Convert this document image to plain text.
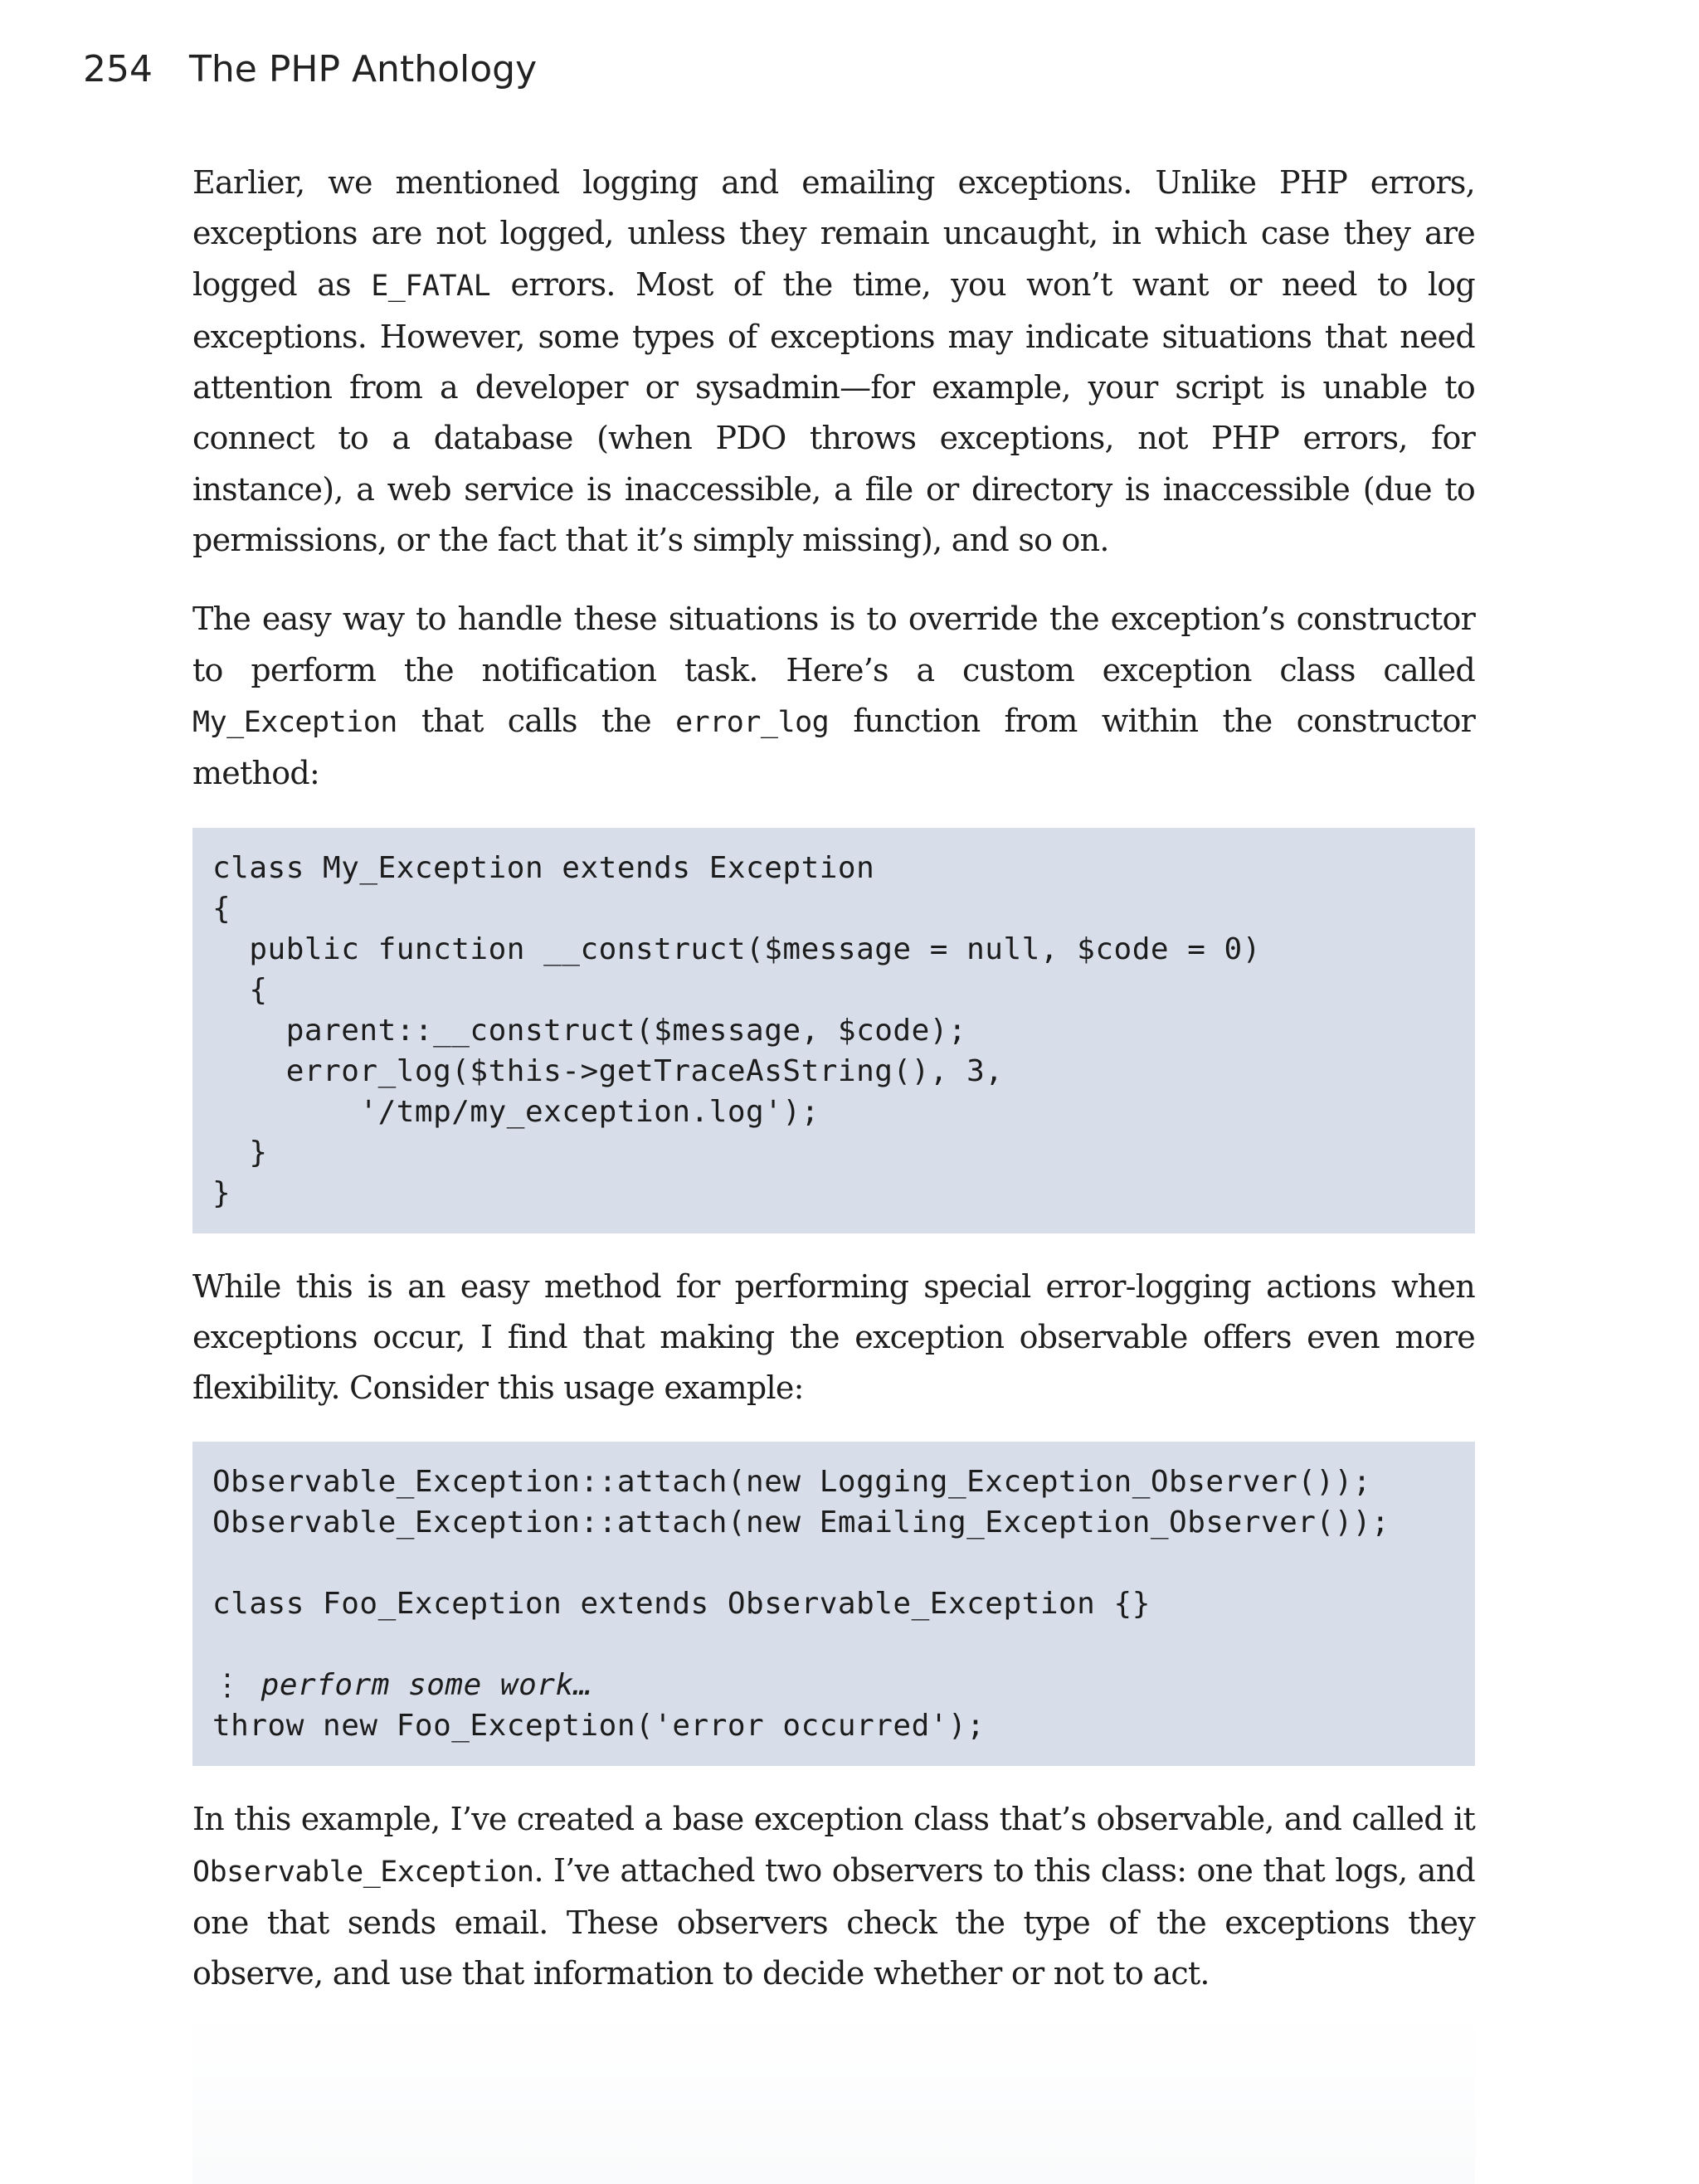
254 The PHP Anthology

Earlier, we mentioned logging and emailing exceptions. Unlike PHP errors, exceptions are not logged, unless they remain uncaught, in which case they are logged as E_FATAL errors. Most of the time, you won’t want or need to log exceptions. However, some types of exceptions may indicate situations that need attention from a developer or sysadmin—for example, your script is unable to connect to a database (when PDO throws exceptions, not PHP errors, for instance), a web service is inaccessible, a file or directory is inaccessible (due to permissions, or the fact that it’s simply missing), and so on.

The easy way to handle these situations is to override the exception’s constructor to perform the notification task. Here’s a custom exception class called My_Exception that calls the error_log function from within the constructor method:

class My_Exception extends Exception
{
public function __construct($message = null, $code = 0)
{
parent::__construct($message, $code);
error_log($this->getTraceAsString(), 3,
'/tmp/my_exception.log');
}
}

While this is an easy method for performing special error-logging actions when exceptions occur, I find that making the exception observable offers even more flexibility. Consider this usage example:

Observable_Exception::attach(new Logging_Exception_Observer());
Observable_Exception::attach(new Emailing_Exception_Observer());
class Foo_Exception extends Observable_Exception {}
⋮ perform some work…
throw new Foo_Exception('error occurred');

In this example, I’ve created a base exception class that’s observable, and called it Observable_Exception. I’ve attached two observers to this class: one that logs, and one that sends email. These observers check the type of the exceptions they observe, and use that information to decide whether or not to act.
